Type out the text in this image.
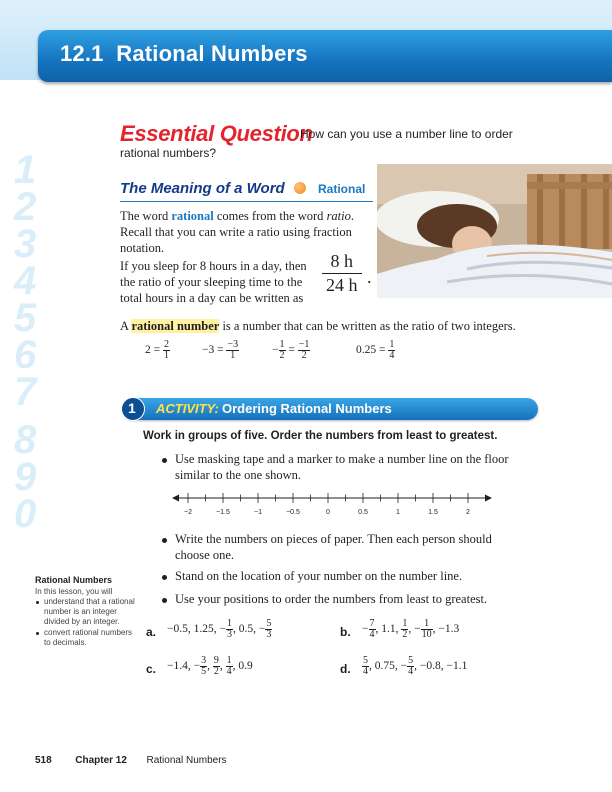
12.1 Rational Numbers
1
2
3
4
5
6
7
8
9
0
Essential Question
How can you use a number line to order
rational numbers?
The Meaning of a Word	Rational
The word rational comes from the word ratio.
Recall that you can write a ratio using fraction
notation.
If you sleep for 8 hours in a day, then
the ratio of your sleeping time to the
total hours in a day can be written as
$\frac{8 h}{24 h}$ .
A rational number is a number that can be written as the ratio of two integers.
$2 = \frac{2}{1}$	$-3 = \frac{-3}{1}$	− $\frac{1}{2} = \frac{-1}{2}$	$0.25 = \frac{1}{4}$
1 ACTIVITY: Ordering Rational Numbers
Work in groups of five. Order the numbers from least to greatest.
Use masking tape and a marker to make a number line on the floor
similar to the one shown.
−2	−1.5	−1	−0.5	0	0.5	1	1.5	2
Write the numbers on pieces of paper. Then each person should
choose one.
Stand on the location of your number on the number line.
Use your positions to order the numbers from least to greatest.
Rational Numbers
In this lesson, you will
understand that a rational
number is an integer
divided by an integer.
convert rational numbers
to decimals.
a. −0.5, 1.25, − $\frac{1}{3}$ , 0.5, − $\frac{5}{3}$	b. − $\frac{7}{4}$ , 1.1, $\frac{1}{2}$ , − $\frac{1}{10}$ , −1.3
c. −1.4, − $\frac{3}{5}$ , $\frac{9}{2}$ , $\frac{1}{4}$ , 0.9	d. $\frac{5}{4}$ , 0.75, − $\frac{5}{4}$ , −0.8, −1.1
518 Chapter 12 Rational Numbers
